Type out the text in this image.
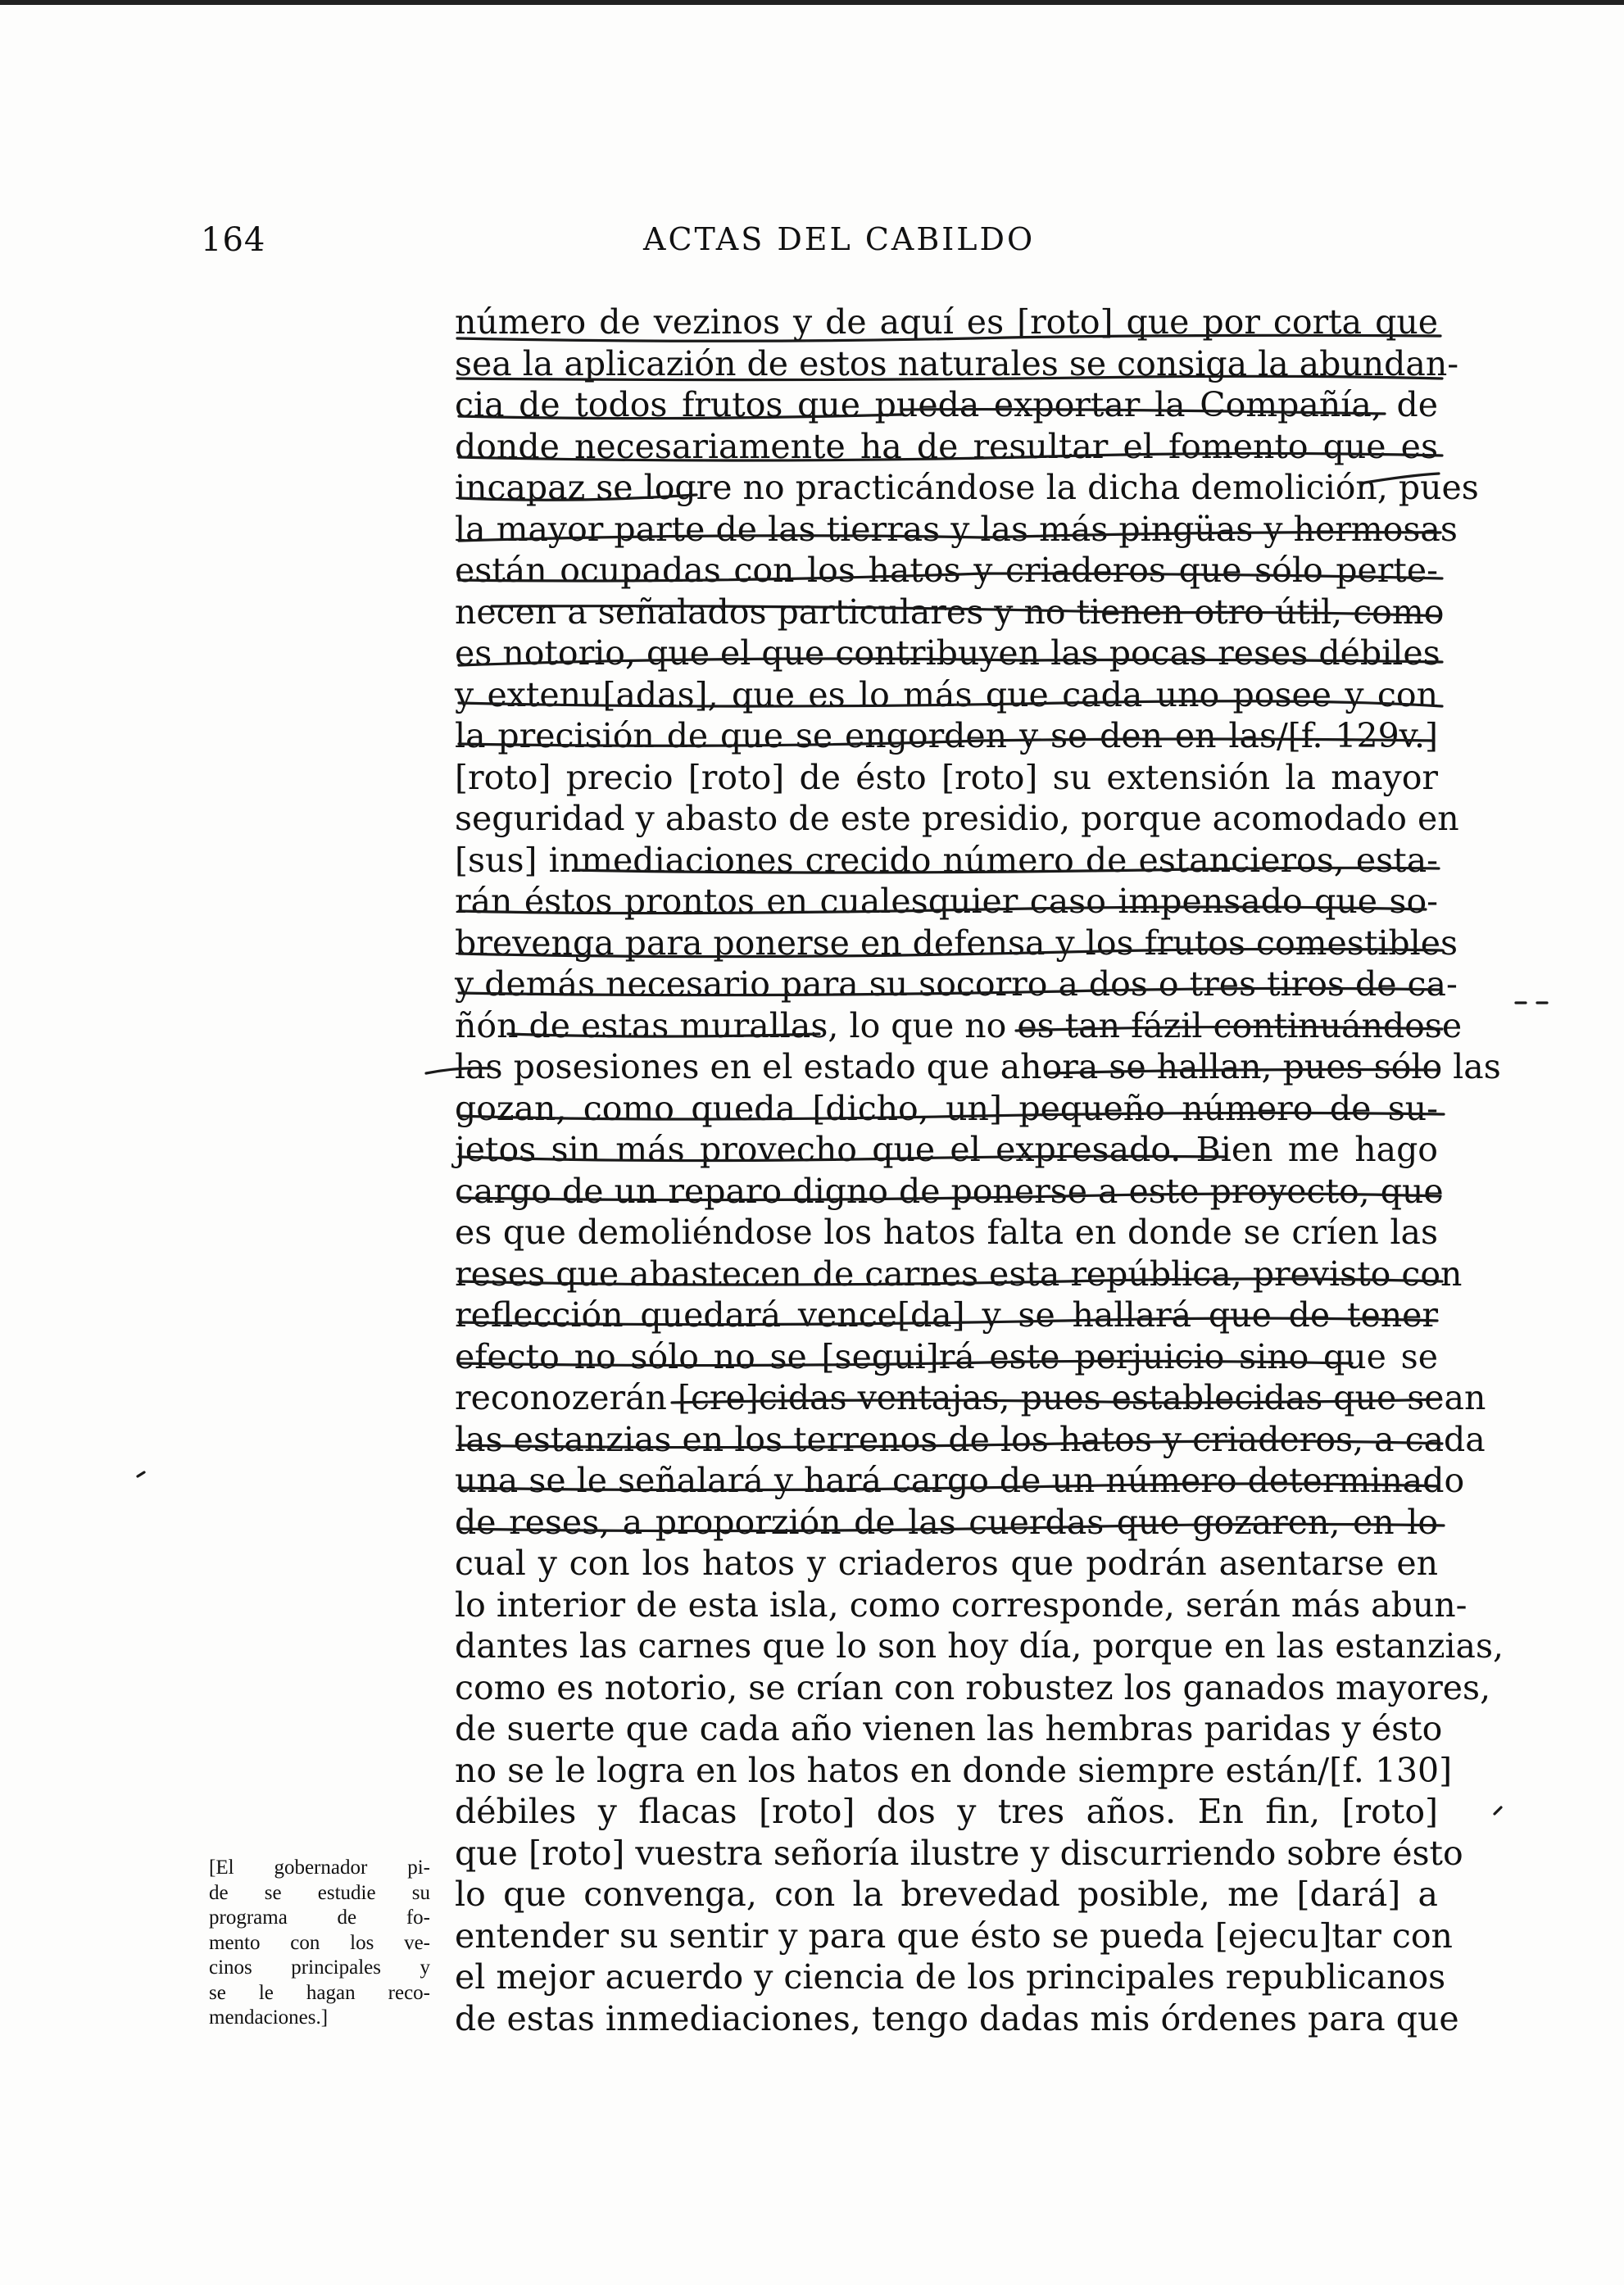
164	ACTAS DEL CABILDO
número de vezinos y de aquí es [roto] que por corta que
sea la aplicazión de estos naturales se consiga la abundan-
cia de todos frutos que pueda exportar la Compañía, de
donde necesariamente ha de resultar el fomento que es
incapaz se logre no practicándose la dicha demolición, pues
la mayor parte de las tierras y las más pingüas y hermosas
están ocupadas con los hatos y criaderos que sólo perte-
necen a señalados particulares y no tienen otro útil, como
es notorio, que el que contribuyen las pocas reses débiles
y extenu[adas], que es lo más que cada uno posee y con
la precisión de que se engorden y se den en las/[f. 129v.]
[roto] precio [roto] de ésto [roto] su extensión la mayor
seguridad y abasto de este presidio, porque acomodado en
[sus] inmediaciones crecido número de estancieros, esta-
rán éstos prontos en cualesquier caso impensado que so-
brevenga para ponerse en defensa y los frutos comestibles
y demás necesario para su socorro a dos o tres tiros de ca-
ñón de estas murallas, lo que no es tan fázil continuándose
las posesiones en el estado que ahora se hallan, pues sólo las
gozan, como queda [dicho, un] pequeño número de su-
jetos sin más provecho que el expresado. Bien me hago
cargo de un reparo digno de ponerse a este proyecto, que
es que demoliéndose los hatos falta en donde se críen las
reses que abastecen de carnes esta república, previsto con
reflección quedará vence[da] y se hallará que de tener
efecto no sólo no se [segui]rá este perjuicio sino que se
reconozerán [cre]cidas ventajas, pues establecidas que sean
las estanzias en los terrenos de los hatos y criaderos, a cada
una se le señalará y hará cargo de un número determinado
de reses, a proporzión de las cuerdas que gozaren, en lo
cual y con los hatos y criaderos que podrán asentarse en
lo interior de esta isla, como corresponde, serán más abun-
dantes las carnes que lo son hoy día, porque en las estanzias,
como es notorio, se crían con robustez los ganados mayores,
de suerte que cada año vienen las hembras paridas y ésto
no se le logra en los hatos en donde siempre están/[f. 130]
débiles y flacas [roto] dos y tres años. En fin, [roto]
que [roto] vuestra señoría ilustre y discurriendo sobre ésto
lo que convenga, con la brevedad posible, me [dará] a
entender su sentir y para que ésto se pueda [ejecu]tar con
el mejor acuerdo y ciencia de los principales republicanos
de estas inmediaciones, tengo dadas mis órdenes para que
[El gobernador pi-
de se estudie su
programa de fo-
mento con los ve-
cinos principales y
se le hagan reco-
mendaciones.]
